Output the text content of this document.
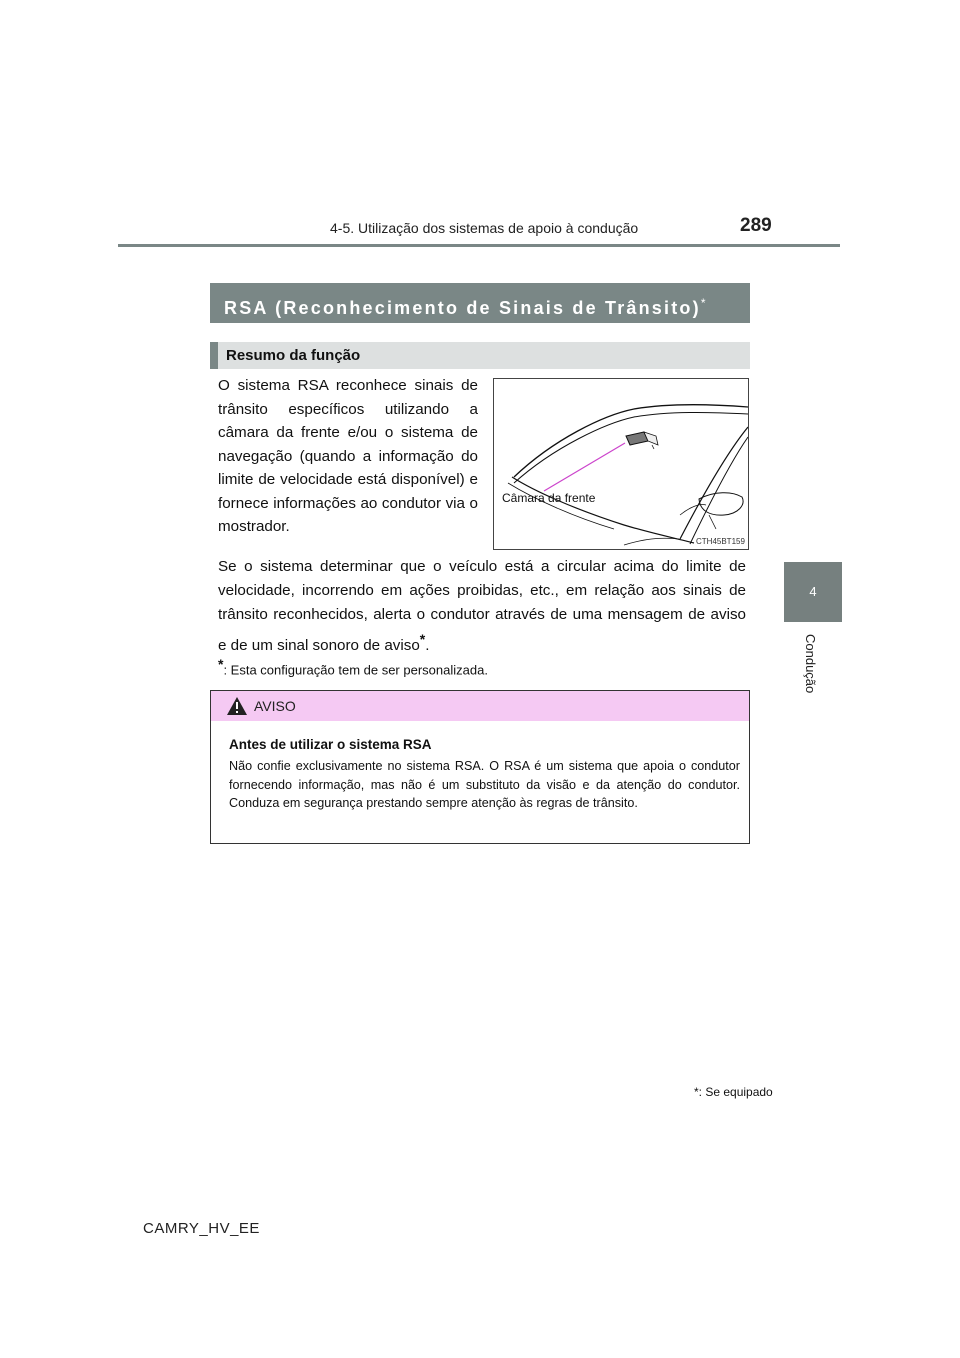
4-5. Utilização dos sistemas de apoio à condução	289
4
Condução
RSA (Reconhecimento de Sinais de Trânsito)*
Resumo da função
O sistema RSA reconhece sinais de trânsito específicos utilizando a câmara da frente e/ou o sistema de navegação (quando a informação do limite de velocidade está disponível) e fornece informações ao condutor via o mostrador.
Câmara da frente
CTH45BT159
Se o sistema determinar que o veículo está a circular acima do limite de velocidade, incorrendo em ações proibidas, etc., em relação aos sinais de trânsito reconhecidos, alerta o condutor através de uma mensagem de aviso e de um sinal sonoro de aviso*.
*: Esta configuração tem de ser personalizada.
AVISO
Antes de utilizar o sistema RSA
Não confie exclusivamente no sistema RSA. O RSA é um sistema que apoia o condutor fornecendo informação, mas não é um substituto da visão e da atenção do condutor. Conduza em segurança prestando sempre atenção às regras de trânsito.
*: Se equipado
CAMRY_HV_EE
